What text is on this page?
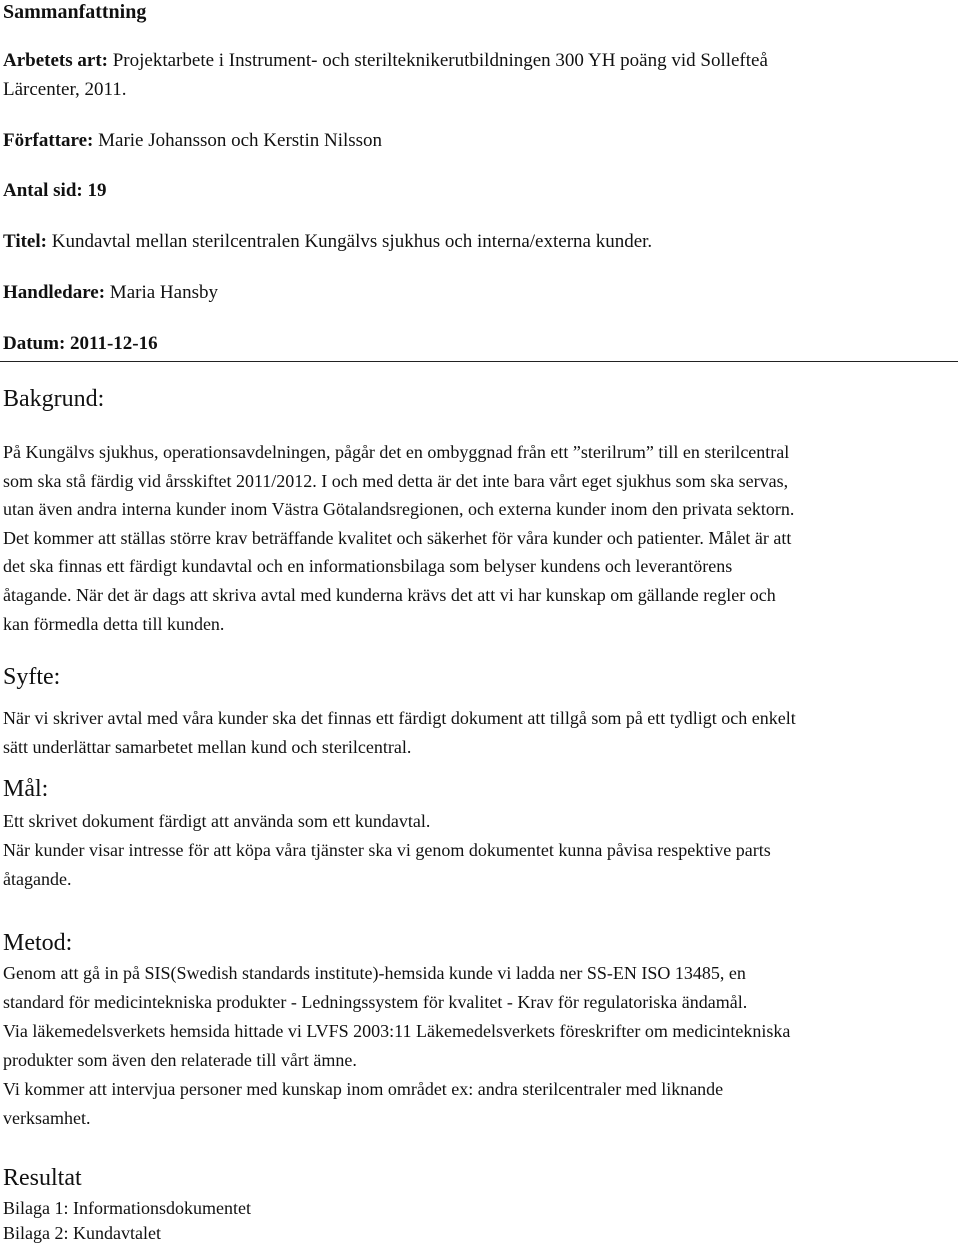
Sammanfattning
Arbetets art: Projektarbete i Instrument- och sterilteknikerutbildningen 300 YH poäng vid Sollefteå
Lärcenter, 2011.
Författare: Marie Johansson och Kerstin Nilsson
Antal sid: 19
Titel: Kundavtal mellan sterilcentralen Kungälvs sjukhus och interna/externa kunder.
Handledare: Maria Hansby
Datum: 2011-12-16
Bakgrund:
På Kungälvs sjukhus, operationsavdelningen, pågår det en ombyggnad från ett ”sterilrum” till en sterilcentral
som ska stå färdig vid årsskiftet 2011/2012. I och med detta är det inte bara vårt eget sjukhus som ska servas,
utan även andra interna kunder inom Västra Götalandsregionen, och externa kunder inom den privata sektorn.
Det kommer att ställas större krav beträffande kvalitet och säkerhet för våra kunder och patienter. Målet är att
det ska finnas ett färdigt kundavtal och en informationsbilaga som belyser kundens och leverantörens
åtagande. När det är dags att skriva avtal med kunderna krävs det att vi har kunskap om gällande regler och
kan förmedla detta till kunden.
Syfte:
När vi skriver avtal med våra kunder ska det finnas ett färdigt dokument att tillgå som på ett tydligt och enkelt
sätt underlättar samarbetet mellan kund och sterilcentral.
Mål:
Ett skrivet dokument färdigt att använda som ett kundavtal.
När kunder visar intresse för att köpa våra tjänster ska vi genom dokumentet kunna påvisa respektive parts
åtagande.
Metod:
Genom att gå in på SIS(Swedish standards institute)-hemsida kunde vi ladda ner SS-EN ISO 13485, en
standard för medicintekniska produkter - Ledningssystem för kvalitet - Krav för regulatoriska ändamål.
Via läkemedelsverkets hemsida hittade vi LVFS 2003:11 Läkemedelsverkets föreskrifter om medicintekniska
produkter som även den relaterade till vårt ämne.
Vi kommer att intervjua personer med kunskap inom området ex: andra sterilcentraler med liknande
verksamhet.
Resultat
Bilaga 1: Informationsdokumentet
Bilaga 2: Kundavtalet
